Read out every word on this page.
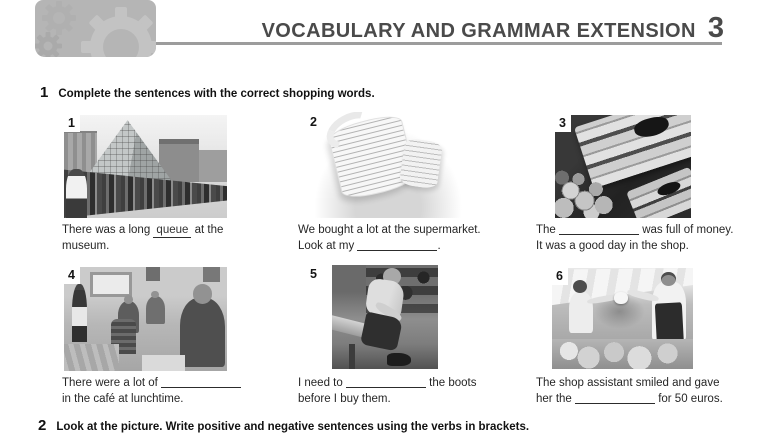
VOCABULARY AND GRAMMAR EXTENSION 3
1 Complete the sentences with the correct shopping words.
1
There was a long queue at the
museum.
2
We bought a lot at the supermarket.
Look at my	.
3
The	was full of money.
It was a good day in the shop.
4
There were a lot of
in the café at lunchtime.
5
I need to	the boots
before I buy them.
6
The shop assistant smiled and gave
her the	for 50 euros.
2 Look at the picture. Write positive and negative sentences using the verbs in brackets.
